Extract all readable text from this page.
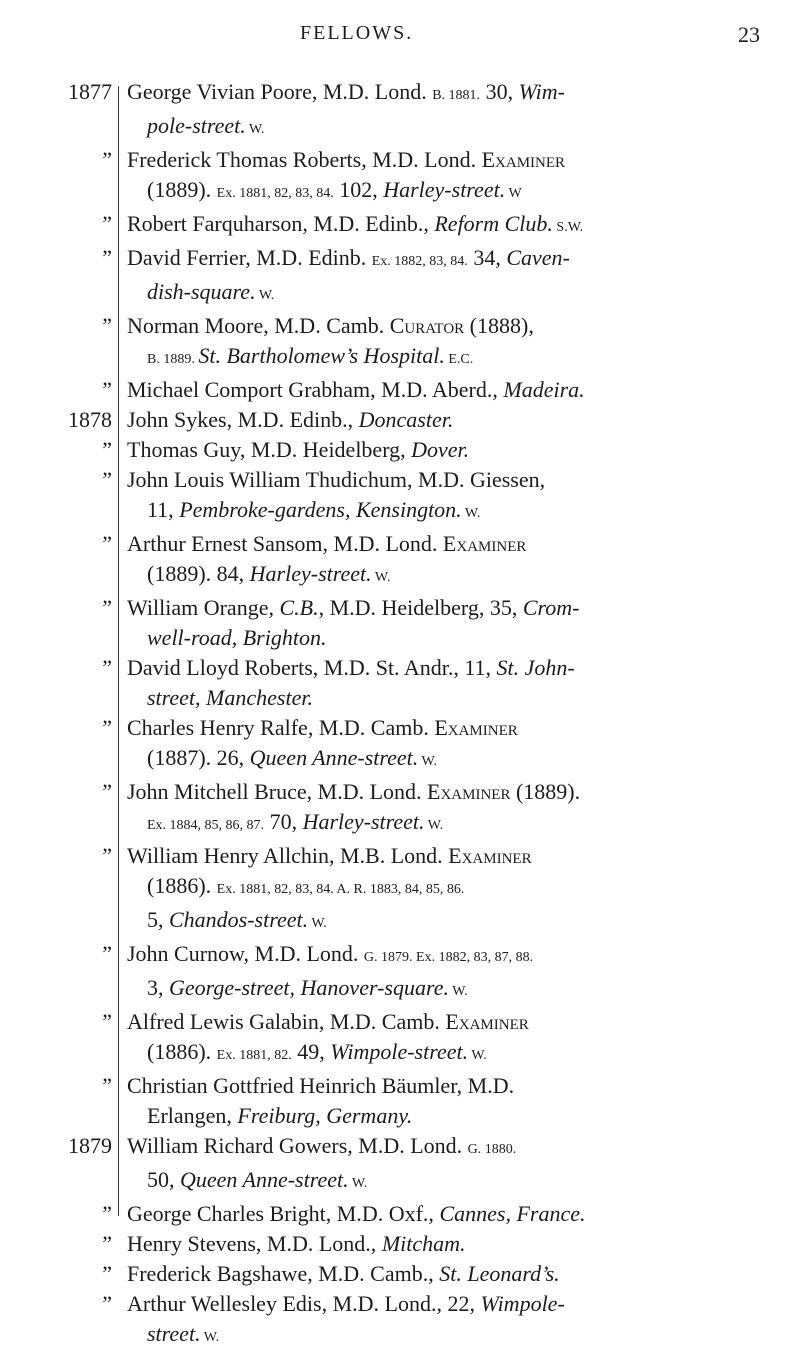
FELLOWS.	23
1877 George Vivian Poore, M.D. Lond. B. 1881. 30, Wim-
pole-street. W.
” Frederick Thomas Roberts, M.D. Lond. Examiner
(1889). Ex. 1881, 82, 83, 84. 102, Harley-street. W
” Robert Farquharson, M.D. Edinb., Reform Club. S.W.
” David Ferrier, M.D. Edinb. Ex. 1882, 83, 84. 34, Caven-
dish-square. W.
” Norman Moore, M.D. Camb. Curator (1888),
B. 1889. St. Bartholomew’s Hospital. E.C.
” Michael Comport Grabham, M.D. Aberd., Madeira.
1878 John Sykes, M.D. Edinb., Doncaster.
” Thomas Guy, M.D. Heidelberg, Dover.
” John Louis William Thudichum, M.D. Giessen,
11, Pembroke-gardens, Kensington. W.
” Arthur Ernest Sansom, M.D. Lond. Examiner
(1889). 84, Harley-street. W.
” William Orange, C.B., M.D. Heidelberg, 35, Crom-
well-road, Brighton.
” David Lloyd Roberts, M.D. St. Andr., 11, St. John-
street, Manchester.
” Charles Henry Ralfe, M.D. Camb. Examiner
(1887). 26, Queen Anne-street. W.
” John Mitchell Bruce, M.D. Lond. Examiner (1889).
Ex. 1884, 85, 86, 87. 70, Harley-street. W.
” William Henry Allchin, M.B. Lond. Examiner
(1886). Ex. 1881, 82, 83, 84. A. R. 1883, 84, 85, 86.
5, Chandos-street. W.
” John Curnow, M.D. Lond. G. 1879. Ex. 1882, 83, 87, 88.
3, George-street, Hanover-square. W.
” Alfred Lewis Galabin, M.D. Camb. Examiner
(1886). Ex. 1881, 82. 49, Wimpole-street. W.
” Christian Gottfried Heinrich Bäumler, M.D.
Erlangen, Freiburg, Germany.
1879 William Richard Gowers, M.D. Lond. G. 1880.
50, Queen Anne-street. W.
” George Charles Bright, M.D. Oxf., Cannes, France.
” Henry Stevens, M.D. Lond., Mitcham.
” Frederick Bagshawe, M.D. Camb., St. Leonard’s.
” Arthur Wellesley Edis, M.D. Lond., 22, Wimpole-
street. W.
